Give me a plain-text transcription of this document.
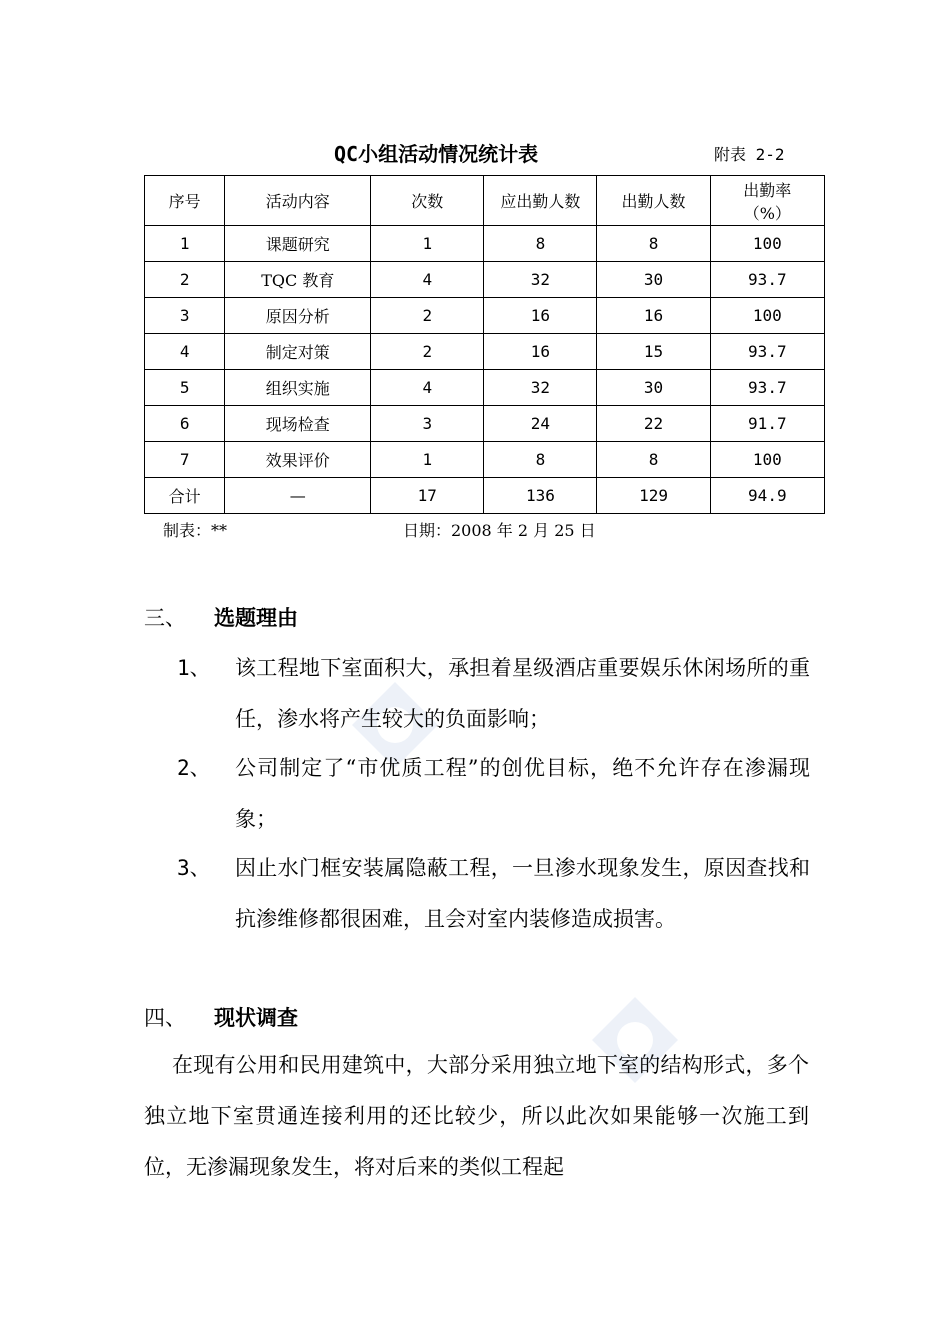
QC小组活动情况统计表	附表 2-2
序号	活动内容	次数	应出勤人数	出勤人数	出勤率
（%）

1	课题研究	1	8	8	100
2	TQC 教育	4	32	30	93.7
3	原因分析	2	16	16	100
4	制定对策	2	16	15	93.7
5	组织实施	4	32	30	93.7
6	现场检查	3	24	22	91.7
7	效果评价	1	8	8	100
合计	—	17	136	129	94.9
制表：**	日期：2008 年 2 月 25 日
三、 选题理由
1、 该工程地下室面积大，承担着星级酒店重要娱乐休闲场所的重任，渗水将产生较大的负面影响；
2、 公司制定了“市优质工程”的创优目标，绝不允许存在渗漏现象；
3、 因止水门框安装属隐蔽工程，一旦渗水现象发生，原因查找和抗渗维修都很困难，且会对室内装修造成损害。
四、 现状调查
在现有公用和民用建筑中，大部分采用独立地下室的结构形式，多个独立地下室贯通连接利用的还比较少，所以此次如果能够一次施工到位，无渗漏现象发生，将对后来的类似工程起
